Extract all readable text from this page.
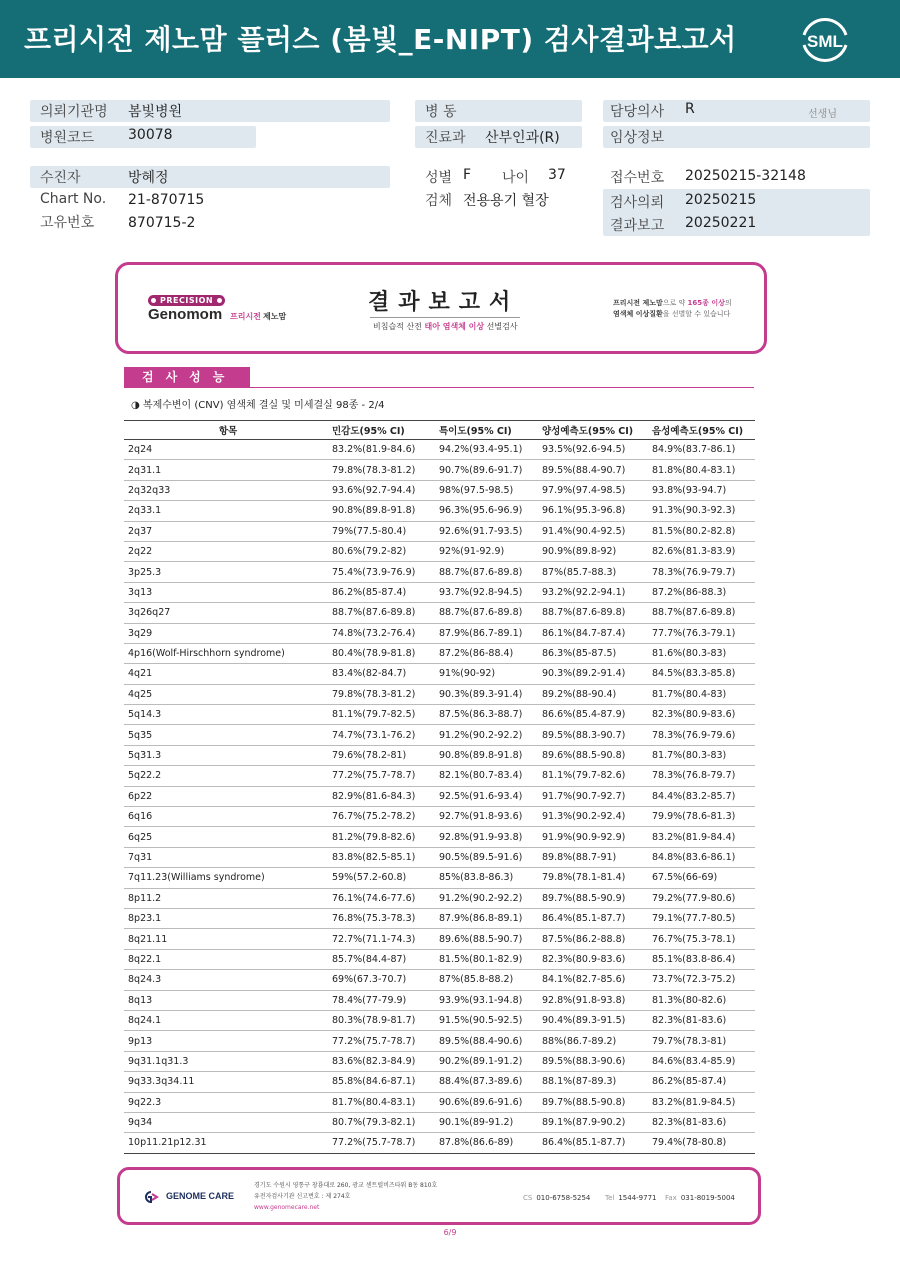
프리시전 제노맘 플러스 (봄빛_E-NIPT) 검사결과보고서	SML
의뢰기관명 봄빛병원
병원코드 30078
수진자	방혜정
Chart No. 21-870715
고유번호 870715-2
병 동
진료과 산부인과(R)
성별 F 나이 37
검체 전용용기 혈장
담당의사 R	선생님
임상정보
접수번호 20250215-32148
검사의뢰 20250215
결과보고 20250221
PRECISION
Genomom 프리시전 제노맘
결과보고서
비침습적 산전 태아 염색체 이상 선별검사
프리시전 제노맘으로 약 165종 이상의
염색체 이상질환을 선별할 수 있습니다
검사성능
◑ 복제수변이 (CNV) 염색체 결실 및 미세결실 98종 - 2/4
항목	민감도(95% CI)	특이도(95% CI)	양성예측도(95% CI)	음성예측도(95% CI)
2q24	83.2%(81.9-84.6)	94.2%(93.4-95.1)	93.5%(92.6-94.5)	84.9%(83.7-86.1)
2q31.1	79.8%(78.3-81.2)	90.7%(89.6-91.7)	89.5%(88.4-90.7)	81.8%(80.4-83.1)
2q32q33	93.6%(92.7-94.4)	98%(97.5-98.5)	97.9%(97.4-98.5)	93.8%(93-94.7)
2q33.1	90.8%(89.8-91.8)	96.3%(95.6-96.9)	96.1%(95.3-96.8)	91.3%(90.3-92.3)
2q37	79%(77.5-80.4)	92.6%(91.7-93.5)	91.4%(90.4-92.5)	81.5%(80.2-82.8)
2q22	80.6%(79.2-82)	92%(91-92.9)	90.9%(89.8-92)	82.6%(81.3-83.9)
3p25.3	75.4%(73.9-76.9)	88.7%(87.6-89.8)	87%(85.7-88.3)	78.3%(76.9-79.7)
3q13	86.2%(85-87.4)	93.7%(92.8-94.5)	93.2%(92.2-94.1)	87.2%(86-88.3)
3q26q27	88.7%(87.6-89.8)	88.7%(87.6-89.8)	88.7%(87.6-89.8)	88.7%(87.6-89.8)
3q29	74.8%(73.2-76.4)	87.9%(86.7-89.1)	86.1%(84.7-87.4)	77.7%(76.3-79.1)
4p16(Wolf-Hirschhorn syndrome)	80.4%(78.9-81.8)	87.2%(86-88.4)	86.3%(85-87.5)	81.6%(80.3-83)
4q21	83.4%(82-84.7)	91%(90-92)	90.3%(89.2-91.4)	84.5%(83.3-85.8)
4q25	79.8%(78.3-81.2)	90.3%(89.3-91.4)	89.2%(88-90.4)	81.7%(80.4-83)
5q14.3	81.1%(79.7-82.5)	87.5%(86.3-88.7)	86.6%(85.4-87.9)	82.3%(80.9-83.6)
5q35	74.7%(73.1-76.2)	91.2%(90.2-92.2)	89.5%(88.3-90.7)	78.3%(76.9-79.6)
5q31.3	79.6%(78.2-81)	90.8%(89.8-91.8)	89.6%(88.5-90.8)	81.7%(80.3-83)
5q22.2	77.2%(75.7-78.7)	82.1%(80.7-83.4)	81.1%(79.7-82.6)	78.3%(76.8-79.7)
6p22	82.9%(81.6-84.3)	92.5%(91.6-93.4)	91.7%(90.7-92.7)	84.4%(83.2-85.7)
6q16	76.7%(75.2-78.2)	92.7%(91.8-93.6)	91.3%(90.2-92.4)	79.9%(78.6-81.3)
6q25	81.2%(79.8-82.6)	92.8%(91.9-93.8)	91.9%(90.9-92.9)	83.2%(81.9-84.4)
7q31	83.8%(82.5-85.1)	90.5%(89.5-91.6)	89.8%(88.7-91)	84.8%(83.6-86.1)
7q11.23(Williams syndrome)	59%(57.2-60.8)	85%(83.8-86.3)	79.8%(78.1-81.4)	67.5%(66-69)
8p11.2	76.1%(74.6-77.6)	91.2%(90.2-92.2)	89.7%(88.5-90.9)	79.2%(77.9-80.6)
8p23.1	76.8%(75.3-78.3)	87.9%(86.8-89.1)	86.4%(85.1-87.7)	79.1%(77.7-80.5)
8q21.11	72.7%(71.1-74.3)	89.6%(88.5-90.7)	87.5%(86.2-88.8)	76.7%(75.3-78.1)
8q22.1	85.7%(84.4-87)	81.5%(80.1-82.9)	82.3%(80.9-83.6)	85.1%(83.8-86.4)
8q24.3	69%(67.3-70.7)	87%(85.8-88.2)	84.1%(82.7-85.6)	73.7%(72.3-75.2)
8q13	78.4%(77-79.9)	93.9%(93.1-94.8)	92.8%(91.8-93.8)	81.3%(80-82.6)
8q24.1	80.3%(78.9-81.7)	91.5%(90.5-92.5)	90.4%(89.3-91.5)	82.3%(81-83.6)
9p13	77.2%(75.7-78.7)	89.5%(88.4-90.6)	88%(86.7-89.2)	79.7%(78.3-81)
9q31.1q31.3	83.6%(82.3-84.9)	90.2%(89.1-91.2)	89.5%(88.3-90.6)	84.6%(83.4-85.9)
9q33.3q34.11	85.8%(84.6-87.1)	88.4%(87.3-89.6)	88.1%(87-89.3)	86.2%(85-87.4)
9q22.3	81.7%(80.4-83.1)	90.6%(89.6-91.6)	89.7%(88.5-90.8)	83.2%(81.9-84.5)
9q34	80.7%(79.3-82.1)	90.1%(89-91.2)	89.1%(87.9-90.2)	82.3%(81-83.6)
10p11.21p12.31	77.2%(75.7-78.7)	87.8%(86.6-89)	86.4%(85.1-87.7)	79.4%(78-80.8)
GENOME CARE
경기도 수원시 영통구 창룡대로 260, 광교 센트럴비즈타워 B동 810호
유전자검사기관 신고번호 : 제 274호
www.genomecare.net
CS 010-6758-5254 Tel 1544-9771 Fax 031-8019-5004
6/9
